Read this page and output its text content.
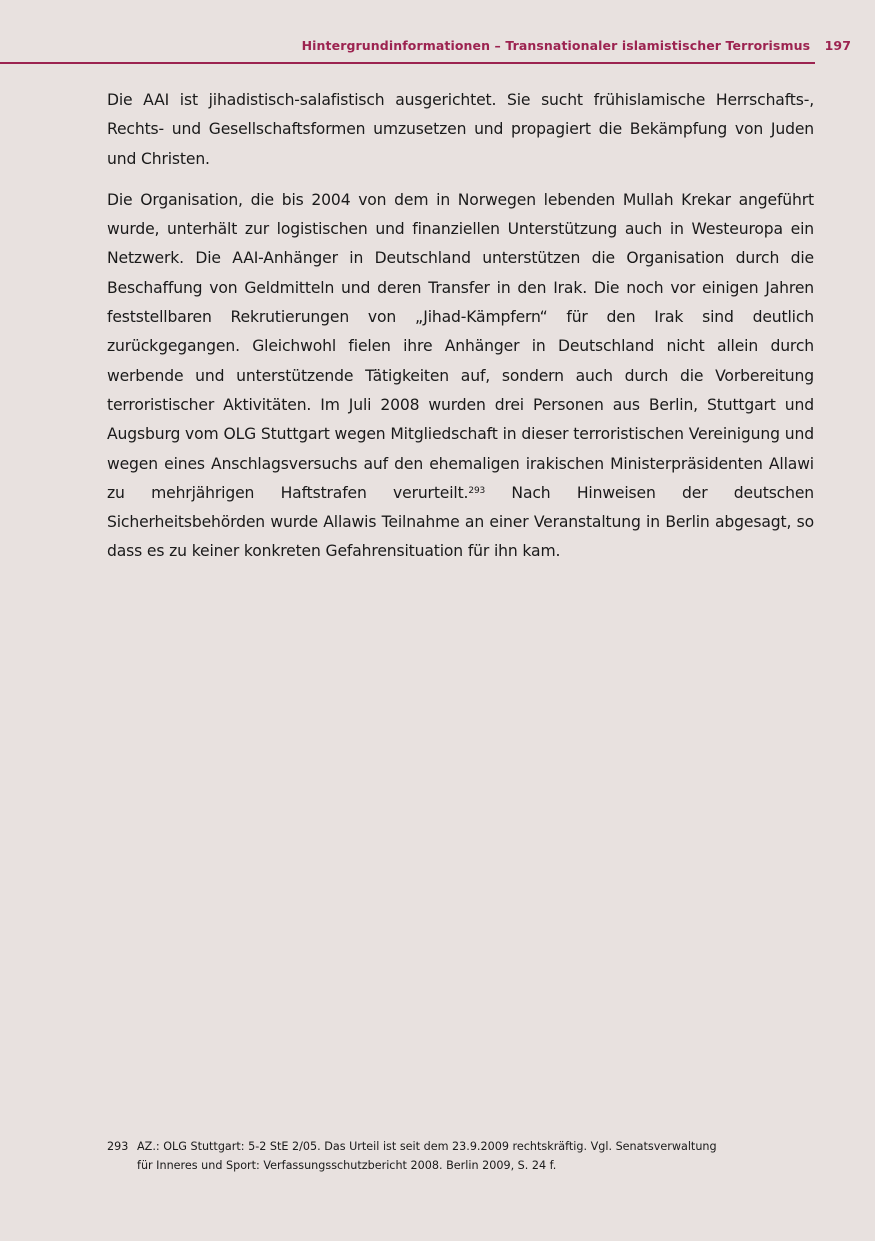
Hintergrundinformationen – Transnationaler islamistischer Terrorismus 197

Die AAI ist jihadistisch-salafistisch ausgerichtet. Sie sucht frühislamische Herrschafts-, Rechts- und Gesellschaftsformen umzusetzen und propagiert die Bekämpfung von Juden und Christen.

Die Organisation, die bis 2004 von dem in Norwegen lebenden Mullah Krekar angeführt wurde, unterhält zur logistischen und finanziellen Unterstützung auch in Westeuropa ein Netzwerk. Die AAI-Anhänger in Deutschland unterstützen die Organisation durch die Beschaffung von Geldmitteln und deren Transfer in den Irak. Die noch vor einigen Jahren feststellbaren Rekrutierungen von „Jihad-Kämpfern“ für den Irak sind deutlich zurückgegangen. Gleichwohl fielen ihre Anhänger in Deutschland nicht allein durch werbende und unterstützende Tätigkeiten auf, sondern auch durch die Vorbereitung terroristischer Aktivitäten. Im Juli 2008 wurden drei Personen aus Berlin, Stuttgart und Augsburg vom OLG Stuttgart wegen Mitgliedschaft in dieser terroristischen Vereinigung und wegen eines Anschlagsversuchs auf den ehemaligen irakischen Ministerpräsidenten Allawi zu mehrjährigen Haftstrafen verurteilt.$^{293}$ Nach Hinweisen der deutschen Sicherheitsbehörden wurde Allawis Teilnahme an einer Veranstaltung in Berlin abgesagt, so dass es zu keiner konkreten Gefahrensituation für ihn kam.

293 AZ.: OLG Stuttgart: 5-2 StE 2/05. Das Urteil ist seit dem 23.9.2009 rechtskräftig. Vgl. Senatsverwaltung
für Inneres und Sport: Verfassungsschutzbericht 2008. Berlin 2009, S. 24 f.
